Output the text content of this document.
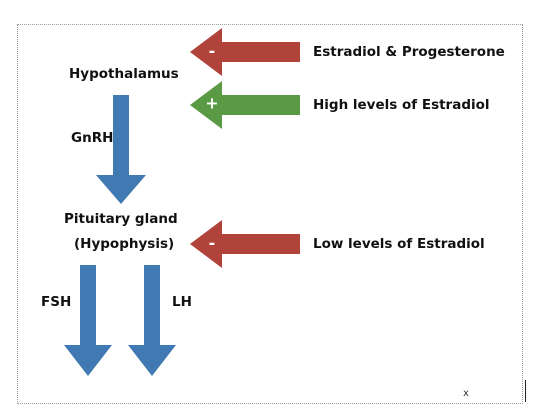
-
+
-
Hypothalamus
Pituitary gland
(Hypophysis)
GnRH
FSH	LH
Estradiol & Progesterone
High levels of Estradiol
Low levels of Estradiol
x
